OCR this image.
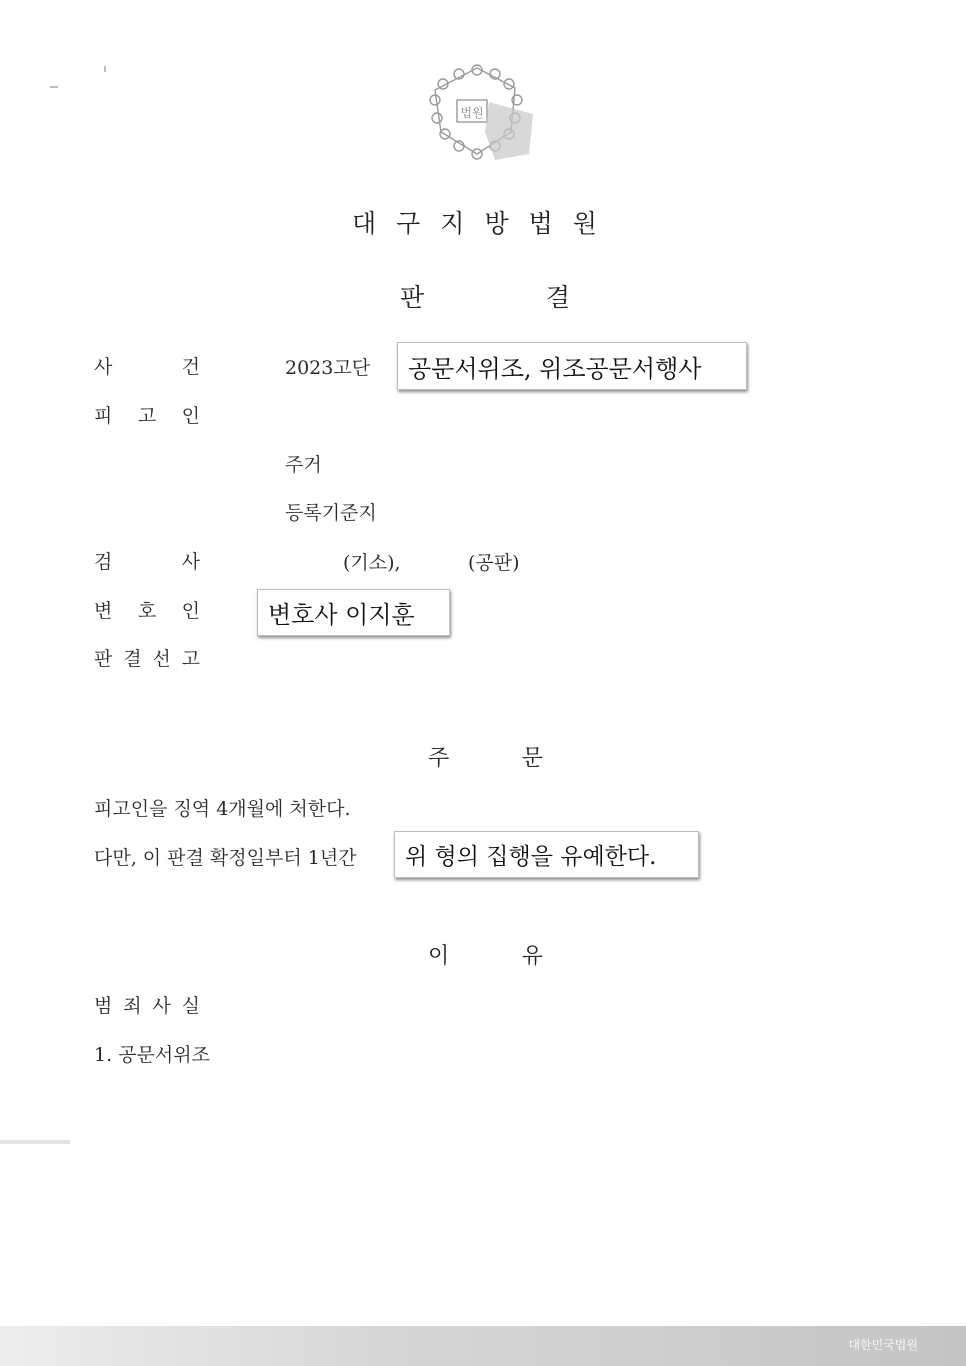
법원
대구지방법원
판	결
사	건	2023고단	공문서위조, 위조공문서행사
피 고 인
주거
등록기준지
검	사	(기소),	(공판)
변 호 인	변호사 이지훈
판 결 선 고
주	문
피고인을 징역 4개월에 처한다.
다만, 이 판결 확정일부터 1년간	위 형의 집행을 유예한다.
이	유
범 죄 사 실
1. 공문서위조
대한민국법원
